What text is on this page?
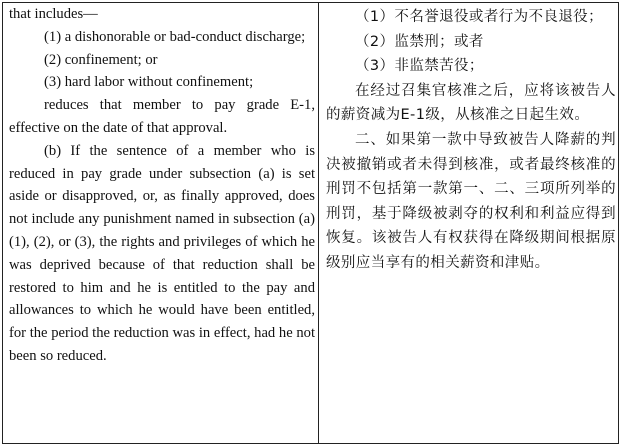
that includes—

(1) a dishonorable or bad-conduct discharge;

(2) confinement; or

(3) hard labor without confinement;

reduces that member to pay grade E-1, effective on the date of that approval.

(b) If the sentence of a member who is reduced in pay grade under subsection (a) is set aside or disapproved, or, as finally approved, does not include any punishment named in subsection (a)(1), (2), or (3), the rights and privileges of which he was deprived because of that reduction shall be restored to him and he is entitled to the pay and allowances to which he would have been entitled, for the period the reduction was in effect, had he not been so reduced.

（1）不名誉退役或者行为不良退役；

（2）监禁刑；或者

（3）非监禁苦役；

在经过召集官核准之后，应将该被告人的薪资减为E-1级，从核准之日起生效。

二、如果第一款中导致被告人降薪的判决被撤销或者未得到核准，或者最终核准的刑罚不包括第一款第一、二、三项所列举的刑罚，基于降级被剥夺的权利和利益应得到恢复。该被告人有权获得在降级期间根据原级别应当享有的相关薪资和津贴。
